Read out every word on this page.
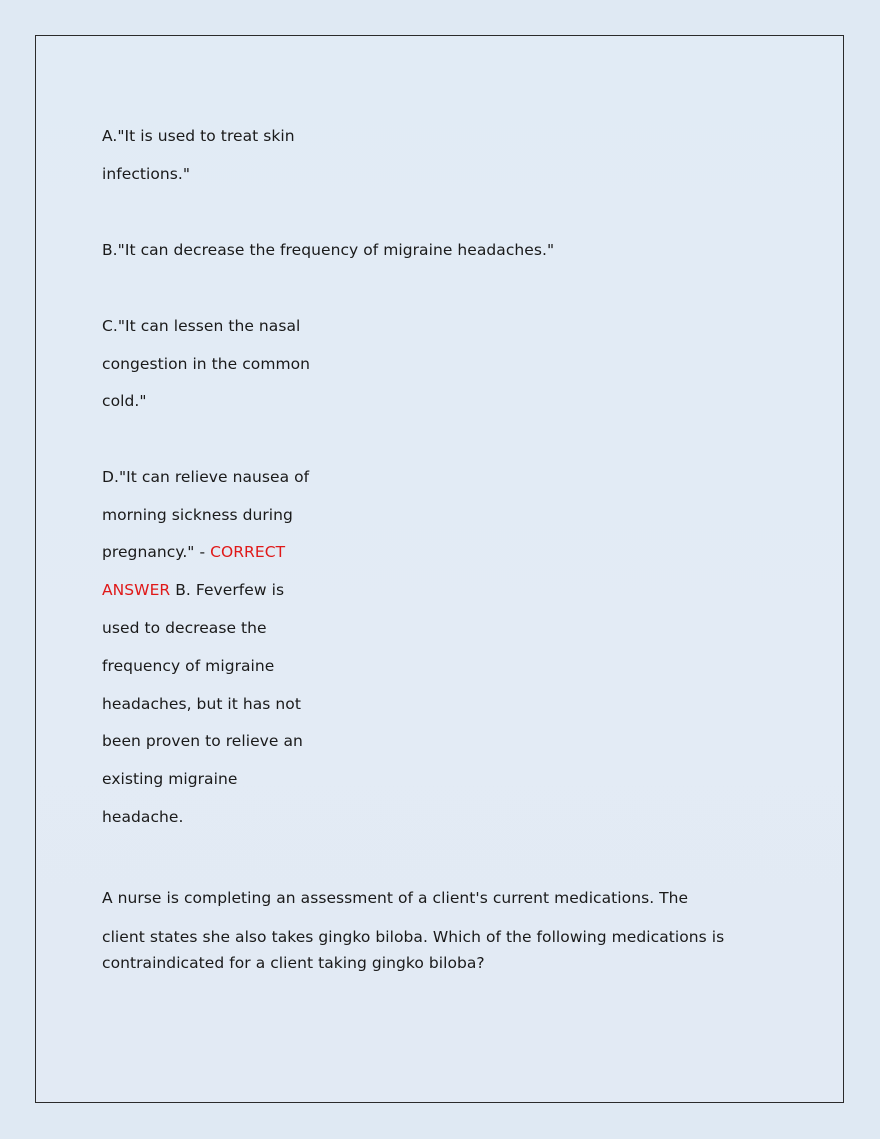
A."It is used to treat skin
infections."
B."It can decrease the frequency of migraine headaches."
C."It can lessen the nasal
congestion in the common
cold."
D."It can relieve nausea of
morning sickness during
pregnancy." - CORRECT
ANSWER B. Feverfew is
used to decrease the
frequency of migraine
headaches, but it has not
been proven to relieve an
existing migraine
headache.
A nurse is completing an assessment of a client's current medications. The
client states she also takes gingko biloba. Which of the following medications is
contraindicated for a client taking gingko biloba?
